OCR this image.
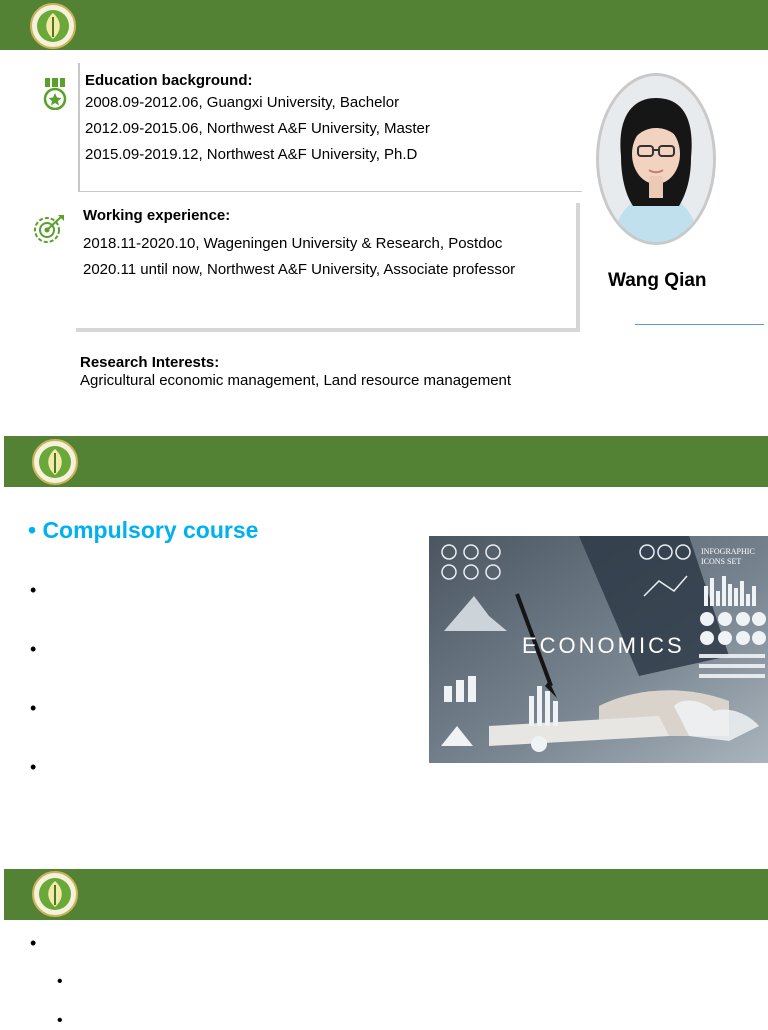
Education background:
2008.09-2012.06, Guangxi University, Bachelor
2012.09-2015.06, Northwest A&F University, Master
2015.09-2019.12, Northwest A&F University, Ph.D
Working experience:
2018.11-2020.10, Wageningen University & Research, Postdoc
2020.11 until now, Northwest A&F University, Associate professor
Wang Qian
Research Interests:
Agricultural economic management, Land resource management
• Compulsory course
•
•
•
•
ECONOMICS
INFOGRAPHIC
ICONS SET
•
•
•
